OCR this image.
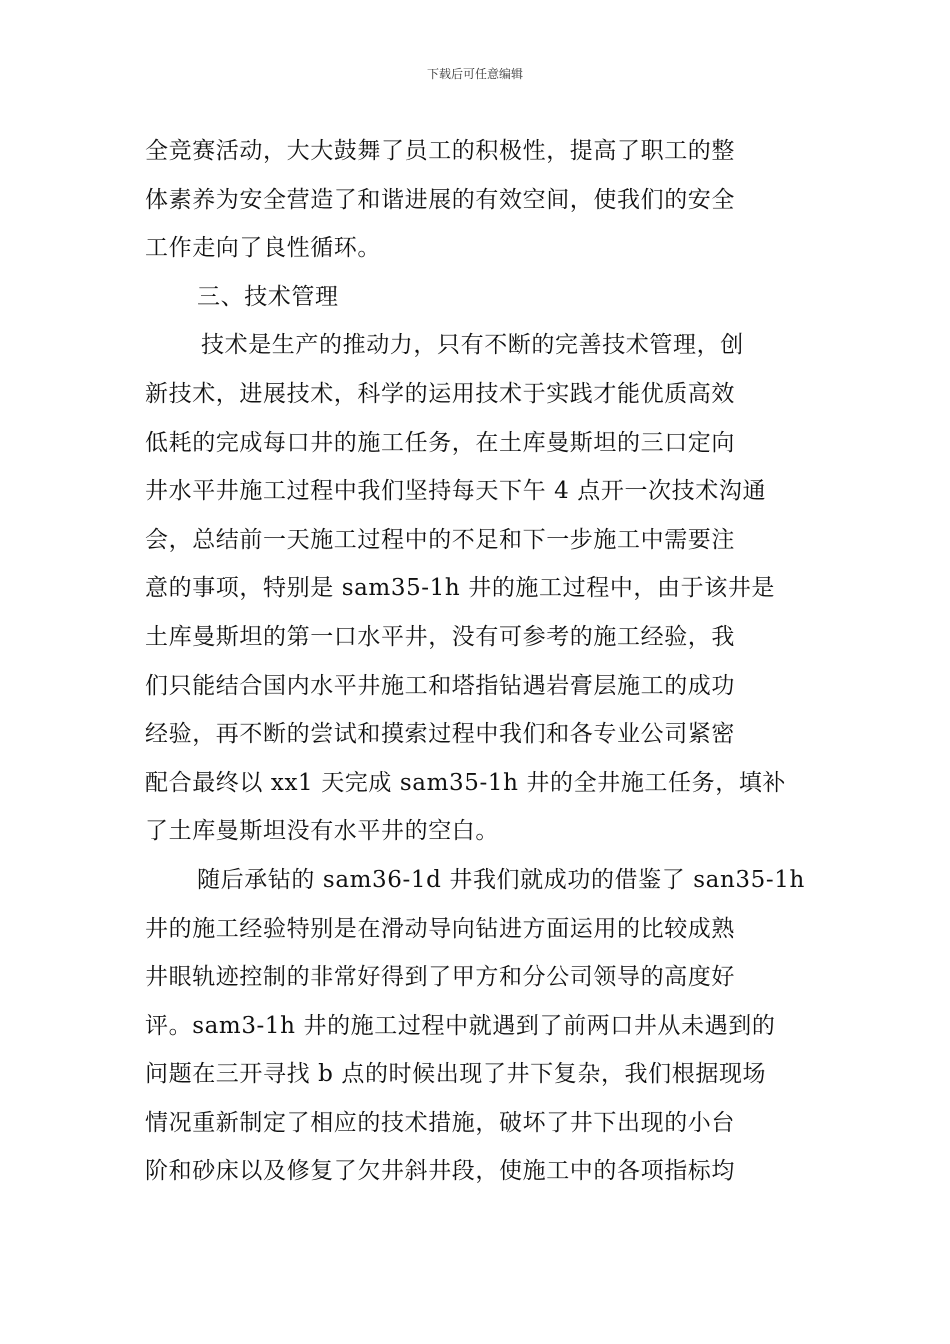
下载后可任意编辑
全竞赛活动，大大鼓舞了员工的积极性，提高了职工的整
体素养为安全营造了和谐进展的有效空间，使我们的安全
工作走向了良性循环。
三、技术管理
技术是生产的推动力，只有不断的完善技术管理，创
新技术，进展技术，科学的运用技术于实践才能优质高效
低耗的完成每口井的施工任务，在土库曼斯坦的三口定向
井水平井施工过程中我们坚持每天下午 4 点开一次技术沟通
会，总结前一天施工过程中的不足和下一步施工中需要注
意的事项，特别是 sam35-1h 井的施工过程中，由于该井是
土库曼斯坦的第一口水平井，没有可参考的施工经验，我
们只能结合国内水平井施工和塔指钻遇岩膏层施工的成功
经验，再不断的尝试和摸索过程中我们和各专业公司紧密
配合最终以 xx1 天完成 sam35-1h 井的全井施工任务，填补
了土库曼斯坦没有水平井的空白。
随后承钻的 sam36-1d 井我们就成功的借鉴了 san35-1h
井的施工经验特别是在滑动导向钻进方面运用的比较成熟
井眼轨迹控制的非常好得到了甲方和分公司领导的高度好
评。sam3-1h 井的施工过程中就遇到了前两口井从未遇到的
问题在三开寻找 b 点的时候出现了井下复杂，我们根据现场
情况重新制定了相应的技术措施，破坏了井下出现的小台
阶和砂床以及修复了欠井斜井段，使施工中的各项指标均
